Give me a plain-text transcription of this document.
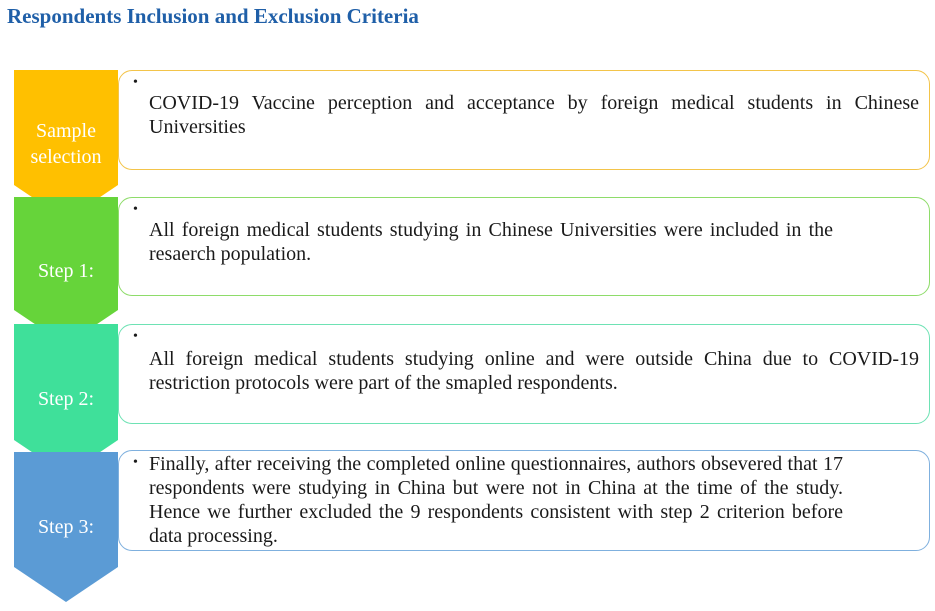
Respondents Inclusion and Exclusion Criteria
Sample
selection
Step 1:
Step 2:
Step 3:
•
COVID-19 Vaccine perception and acceptance by foreign medical students in Chinese Universities
•
All foreign medical students studying in Chinese Universities were included in the resaerch population.
•
All foreign medical students studying online and were outside China due to COVID-19 restriction protocols were part of the smapled respondents.
• Finally, after receiving the completed online questionnaires, authors obsevered that 17 respondents were studying in China but were not in China at the time of the study. Hence we further excluded the 9 respondents consistent with step 2 criterion before data processing.
